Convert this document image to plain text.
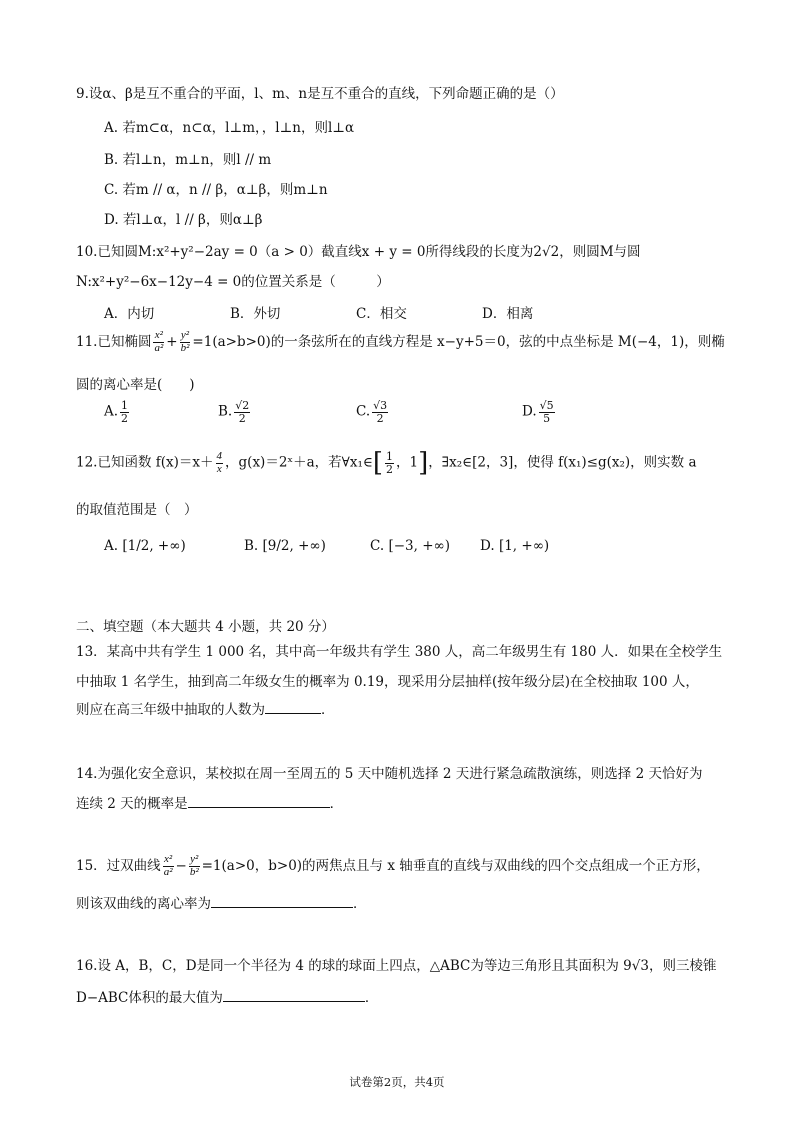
9.设α、β是互不重合的平面，l、m、n是互不重合的直线，下列命题正确的是（）
A. 若m⊂α，n⊂α，l⊥m，，l⊥n，则l⊥α
B. 若l⊥n，m⊥n，则l // m
C. 若m // α，n // β，α⊥β，则m⊥n
D. 若l⊥α，l // β，则α⊥β
10.已知圆M:x²+y²−2ay = 0（a > 0）截直线x + y = 0所得线段的长度为2√2，则圆M与圆
N:x²+y²−6x−12y−4 = 0的位置关系是（　　　）
A．内切	B．外切	C．相交	D．相离
11.已知椭圆 $\frac{\text{x²}}{\text{a²}} + \frac{\text{y²}}{\text{b²}} =1(a>b>0)$的一条弦所在的直线方程是 x−y+5＝0，弦的中点坐标是 M(−4，1)，则椭
圆的离心率是(　　)
A. $\frac{1}{2}$	B. $\frac{√2}{2}$	C. $\frac{√3}{2}$	D. $\frac{√5}{5}$
12.已知函数 $f(x)=x+ \frac{4}{x}$ ，g(x)＝2ˣ＋a，若∀x₁∈[ $\frac{1}{2}$ ，1]，∃x₂∈[2，3]，使得 f(x₁)≤g(x₂)，则实数 a
的取值范围是（　）
A. [1/2, +∞)	B. [9/2, +∞)	C. [−3, +∞) D. [1, +∞)
二、填空题（本大题共 4 小题，共 20 分）
13．某高中共有学生 1 000 名，其中高一年级共有学生 380 人，高二年级男生有 180 人．如果在全校学生
中抽取 1 名学生，抽到高二年级女生的概率为 0.19，现采用分层抽样(按年级分层)在全校抽取 100 人，
则应在高三年级中抽取的人数为	．
14.为强化安全意识，某校拟在周一至周五的 5 天中随机选择 2 天进行紧急疏散演练，则选择 2 天恰好为
连续 2 天的概率是	．
15．过双曲线 $\frac{\text{x²}}{\text{a²}} - \frac{\text{y²}}{\text{b²}} =1(a>0$，b>0)的两焦点且与 x 轴垂直的直线与双曲线的四个交点组成一个正方形，
则该双曲线的离心率为	．
16.设 A，B，C，D是同一个半径为 4 的球的球面上四点，△ABC为等边三角形且其面积为 9√3，则三棱锥
D−ABC体积的最大值为	．
试卷第2页，共4页
